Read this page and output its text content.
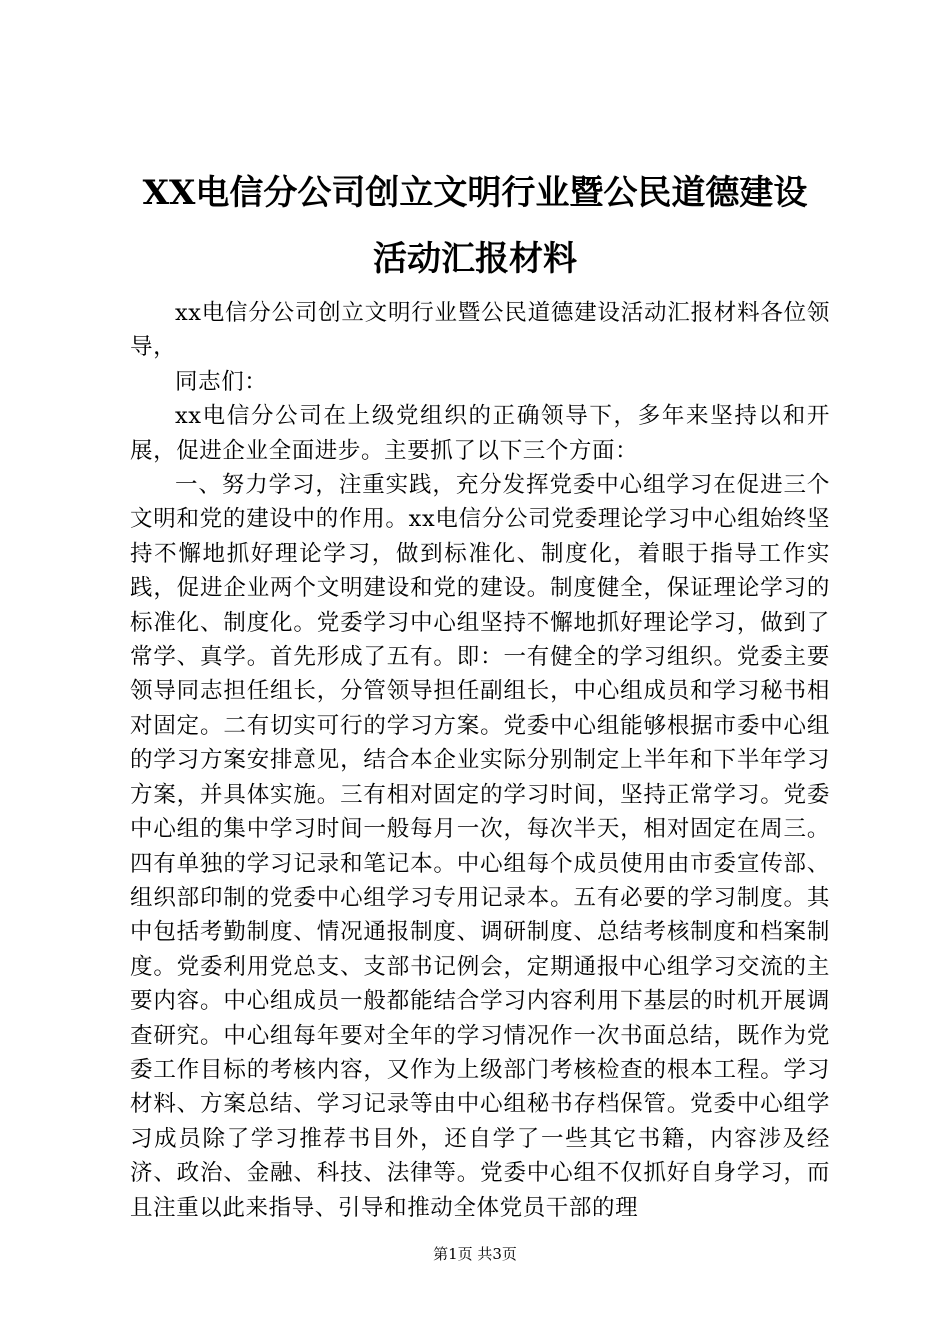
XX电信分公司创立文明行业暨公民道德建设
活动汇报材料

xx电信分公司创立文明行业暨公民道德建设活动汇报材料各位领导，

同志们：

xx电信分公司在上级党组织的正确领导下，多年来坚持以和开展，促进企业全面进步。主要抓了以下三个方面：

一、努力学习，注重实践，充分发挥党委中心组学习在促进三个文明和党的建设中的作用。xx电信分公司党委理论学习中心组始终坚持不懈地抓好理论学习，做到标准化、制度化，着眼于指导工作实践，促进企业两个文明建设和党的建设。制度健全，保证理论学习的标准化、制度化。党委学习中心组坚持不懈地抓好理论学习，做到了常学、真学。首先形成了五有。即：一有健全的学习组织。党委主要领导同志担任组长，分管领导担任副组长，中心组成员和学习秘书相对固定。二有切实可行的学习方案。党委中心组能够根据市委中心组的学习方案安排意见，结合本企业实际分别制定上半年和下半年学习方案，并具体实施。三有相对固定的学习时间，坚持正常学习。党委中心组的集中学习时间一般每月一次，每次半天，相对固定在周三。四有单独的学习记录和笔记本。中心组每个成员使用由市委宣传部、组织部印制的党委中心组学习专用记录本。五有必要的学习制度。其中包括考勤制度、情况通报制度、调研制度、总结考核制度和档案制度。党委利用党总支、支部书记例会，定期通报中心组学习交流的主要内容。中心组成员一般都能结合学习内容利用下基层的时机开展调查研究。中心组每年要对全年的学习情况作一次书面总结，既作为党委工作目标的考核内容，又作为上级部门考核检查的根本工程。学习材料、方案总结、学习记录等由中心组秘书存档保管。党委中心组学习成员除了学习推荐书目外，还自学了一些其它书籍，内容涉及经济、政治、金融、科技、法律等。党委中心组不仅抓好自身学习，而且注重以此来指导、引导和推动全体党员干部的理

第1页 共3页
